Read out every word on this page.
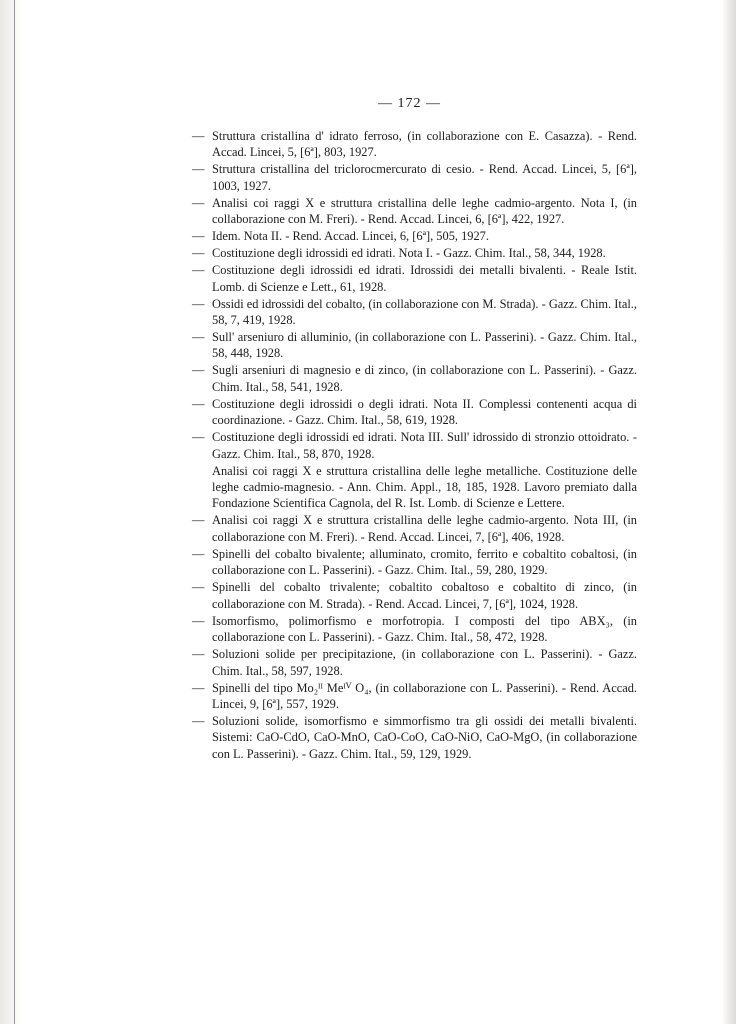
— 172 —

— Struttura cristallina d' idrato ferroso, (in collaborazione con E. Casazza). - Rend. Accad. Lincei, 5, [6ª], 803, 1927.

— Struttura cristallina del triclorocmercurato di cesio. - Rend. Accad. Lincei, 5, [6ª], 1003, 1927.

— Analisi coi raggi X e struttura cristallina delle leghe cadmio-argento. Nota I, (in collaborazione con M. Freri). - Rend. Accad. Lincei, 6, [6ª], 422, 1927.

— Idem. Nota II. - Rend. Accad. Lincei, 6, [6ª], 505, 1927.

— Costituzione degli idrossidi ed idrati. Nota I. - Gazz. Chim. Ital., 58, 344, 1928.

— Costituzione degli idrossidi ed idrati. Idrossidi dei metalli bivalenti. - Reale Istit. Lomb. di Scienze e Lett., 61, 1928.

— Ossidi ed idrossidi del cobalto, (in collaborazione con M. Strada). - Gazz. Chim. Ital., 58, 7, 419, 1928.

— Sull' arseniuro di alluminio, (in collaborazione con L. Passerini). - Gazz. Chim. Ital., 58, 448, 1928.

— Sugli arseniuri di magnesio e di zinco, (in collaborazione con L. Passerini). - Gazz. Chim. Ital., 58, 541, 1928.

— Costituzione degli idrossidi o degli idrati. Nota II. Complessi contenenti acqua di coordinazione. - Gazz. Chim. Ital., 58, 619, 1928.

— Costituzione degli idrossidi ed idrati. Nota III. Sull' idrossido di stronzio ottoidrato. - Gazz. Chim. Ital., 58, 870, 1928.

Analisi coi raggi X e struttura cristallina delle leghe metalliche. Costituzione delle leghe cadmio-magnesio. - Ann. Chim. Appl., 18, 185, 1928. Lavoro premiato dalla Fondazione Scientifica Cagnola, del R. Ist. Lomb. di Scienze e Lettere.

— Analisi coi raggi X e struttura cristallina delle leghe cadmio-argento. Nota III, (in collaborazione con M. Freri). - Rend. Accad. Lincei, 7, [6ª], 406, 1928.

— Spinelli del cobalto bivalente; alluminato, cromito, ferrito e cobaltito cobaltosi, (in collaborazione con L. Passerini). - Gazz. Chim. Ital., 59, 280, 1929.

— Spinelli del cobalto trivalente; cobaltito cobaltoso e cobaltito di zinco, (in collaborazione con M. Strada). - Rend. Accad. Lincei, 7, [6ª], 1024, 1928.

— Isomorfismo, polimorfismo e morfotropia. I composti del tipo ABX₃, (in collaborazione con L. Passerini). - Gazz. Chim. Ital., 58, 472, 1928.

— Soluzioni solide per precipitazione, (in collaborazione con L. Passerini). - Gazz. Chim. Ital., 58, 597, 1928.

— Spinelli del tipo Mo₂ᴵᴵ Meᴵⱽ O₄, (in collaborazione con L. Passerini). - Rend. Accad. Lincei, 9, [6ª], 557, 1929.

— Soluzioni solide, isomorfismo e simmorfismo tra gli ossidi dei metalli bivalenti. Sistemi: CaO-CdO, CaO-MnO, CaO-CoO, CaO-NiO, CaO-MgO, (in collaborazione con L. Passerini). - Gazz. Chim. Ital., 59, 129, 1929.
